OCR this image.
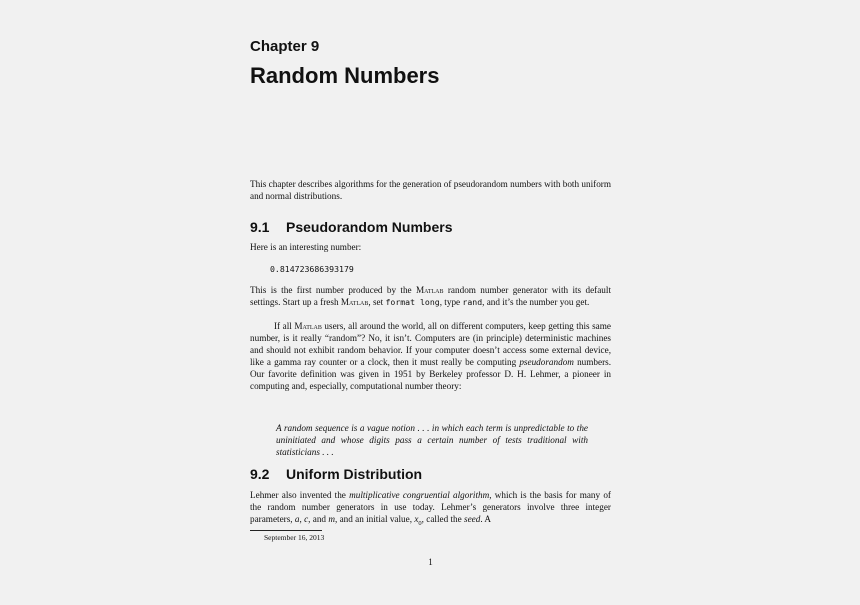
Chapter 9
Random Numbers

This chapter describes algorithms for the generation of pseudorandom numbers with both uniform and normal distributions.

9.1 Pseudorandom Numbers

Here is an interesting number:

0.814723686393179

This is the first number produced by the Matlab random number generator with its default settings. Start up a fresh Matlab, set format long, type rand, and it’s the number you get.

If all Matlab users, all around the world, all on different computers, keep getting this same number, is it really “random”? No, it isn’t. Computers are (in principle) deterministic machines and should not exhibit random behavior. If your computer doesn’t access some external device, like a gamma ray counter or a clock, then it must really be computing pseudorandom numbers. Our favorite definition was given in 1951 by Berkeley professor D. H. Lehmer, a pioneer in computing and, especially, computational number theory:

A random sequence is a vague notion . . . in which each term is unpredictable to the uninitiated and whose digits pass a certain number of tests traditional with statisticians . . .

9.2 Uniform Distribution

Lehmer also invented the multiplicative congruential algorithm, which is the basis for many of the random number generators in use today. Lehmer’s generators involve three integer parameters, a, c, and m, and an initial value, $x_0$, called the seed. A

September 16, 2013
1
